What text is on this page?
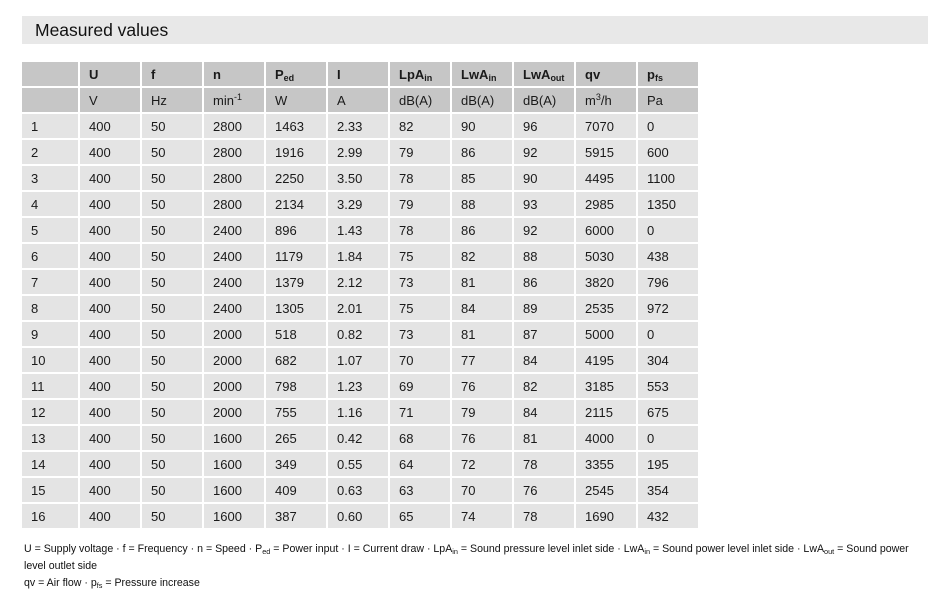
Measured values
	U	f	n	$P_{ed}$	I	LpA$_{in}$	LwA$_{in}$	LwA$_{out}$	qv	$p_{fs}$
	V	Hz	$\min^{-1}$	W	A	dB(A)	dB(A)	dB(A)	$m^3/h$	Pa
1	400	50	2800	1463	2.33	82	90	96	7070	0
2	400	50	2800	1916	2.99	79	86	92	5915	600
3	400	50	2800	2250	3.50	78	85	90	4495	1100
4	400	50	2800	2134	3.29	79	88	93	2985	1350
5	400	50	2400	896	1.43	78	86	92	6000	0
6	400	50	2400	1179	1.84	75	82	88	5030	438
7	400	50	2400	1379	2.12	73	81	86	3820	796
8	400	50	2400	1305	2.01	75	84	89	2535	972
9	400	50	2000	518	0.82	73	81	87	5000	0
10	400	50	2000	682	1.07	70	77	84	4195	304
11	400	50	2000	798	1.23	69	76	82	3185	553
12	400	50	2000	755	1.16	71	79	84	2115	675
13	400	50	1600	265	0.42	68	76	81	4000	0
14	400	50	1600	349	0.55	64	72	78	3355	195
15	400	50	1600	409	0.63	63	70	76	2545	354
16	400	50	1600	387	0.60	65	74	78	1690	432
U = Supply voltage · f = Frequency · n = Speed · $P_{ed}$ = Power input · I = Current draw · LpA$_{in}$ = Sound pressure level inlet side · LwA$_{in}$ = Sound power level inlet side · LwA$_{out}$ = Sound power level outlet side
qv = Air flow · $p_{fs}$ = Pressure increase
